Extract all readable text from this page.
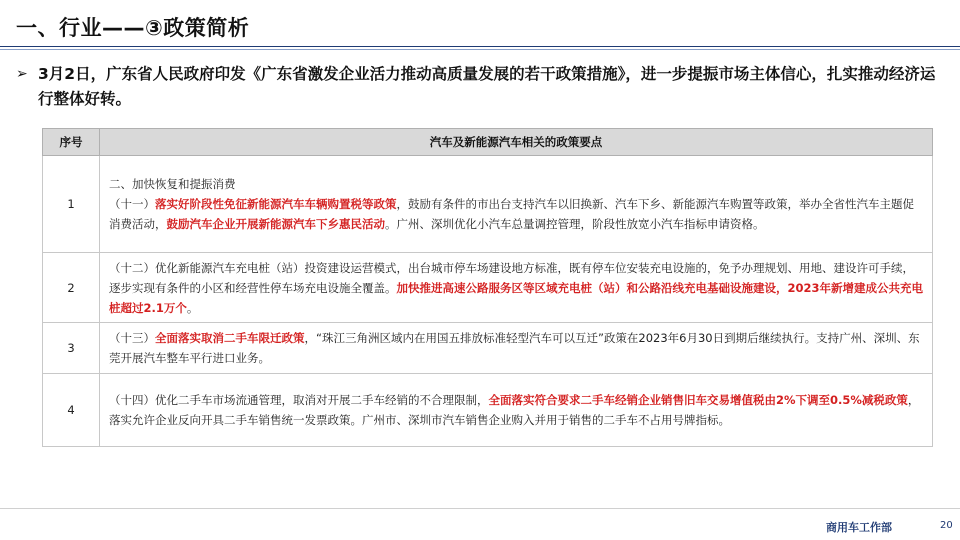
一、行业——③政策简析
➢ 3月2日，广东省人民政府印发《广东省激发企业活力推动高质量发展的若干政策措施》，进一步提振市场主体信心，扎实推动经济运行整体好转。
序号	汽车及新能源汽车相关的政策要点
1	二、加快恢复和提振消费
（十一）落实好阶段性免征新能源汽车车辆购置税等政策，鼓励有条件的市出台支持汽车以旧换新、汽车下乡、新能源汽车购置等政策，举办全省性汽车主题促消费活动，鼓励汽车企业开展新能源汽车下乡惠民活动。广州、深圳优化小汽车总量调控管理，阶段性放宽小汽车指标申请资格。
2	（十二）优化新能源汽车充电桩（站）投资建设运营模式，出台城市停车场建设地方标准，既有停车位安装充电设施的，免予办理规划、用地、建设许可手续，逐步实现有条件的小区和经营性停车场充电设施全覆盖。加快推进高速公路服务区等区域充电桩（站）和公路沿线充电基础设施建设，2023年新增建成公共充电桩超过2.1万个。
3	（十三）全面落实取消二手车限迁政策，“珠江三角洲区域内在用国五排放标准轻型汽车可以互迁”政策在2023年6月30日到期后继续执行。支持广州、深圳、东莞开展汽车整车平行进口业务。
4	（十四）优化二手车市场流通管理，取消对开展二手车经销的不合理限制，全面落实符合要求二手车经销企业销售旧车交易增值税由2%下调至0.5%减税政策，落实允许企业反向开具二手车销售统一发票政策。广州市、深圳市汽车销售企业购入并用于销售的二手车不占用号牌指标。
商用车工作部	20
